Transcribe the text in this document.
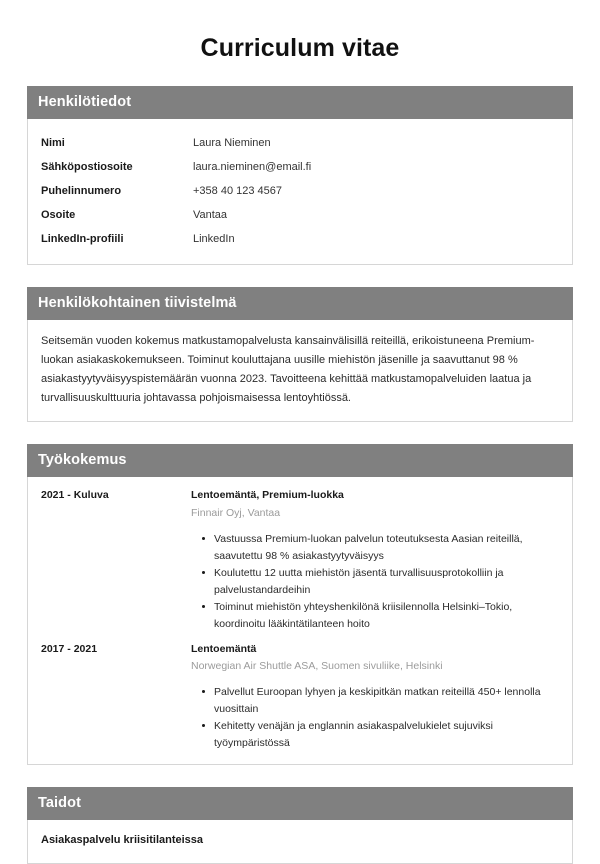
Curriculum vitae
Henkilötiedot
Nimi	Laura Nieminen
Sähköpostiosoite	laura.nieminen@email.fi
Puhelinnumero	+358 40 123 4567
Osoite	Vantaa
LinkedIn-profiili	LinkedIn
Henkilökohtainen tiivistelmä

Seitsemän vuoden kokemus matkustamopalvelusta kansainvälisillä reiteillä, erikoistuneena Premium-luokan asiakaskokemukseen. Toiminut kouluttajana uusille miehistön jäsenille ja saavuttanut 98 % asiakastyytyväisyyspistemäärän vuonna 2023. Tavoitteena kehittää matkustamopalveluiden laatua ja turvallisuuskulttuuria johtavassa pohjoismaisessa lentoyhtiössä.

Työkokemus
2021 - Kuluva	Lentoemäntä, Premium-luokka
Finnair Oyj, Vantaa
Vastuussa Premium-luokan palvelun toteutuksesta Aasian reiteillä, saavutettu 98 % asiakastyytyväisyys
Koulutettu 12 uutta miehistön jäsentä turvallisuusprotokolliin ja palvelustandardeihin
Toiminut miehistön yhteyshenkilönä kriisilennolla Helsinki–Tokio, koordinoitu lääkintätilanteen hoito
2017 - 2021	Lentoemäntä
Norwegian Air Shuttle ASA, Suomen sivuliike, Helsinki
Palvellut Euroopan lyhyen ja keskipitkän matkan reiteillä 450+ lennolla vuosittain
Kehitetty venäjän ja englannin asiakaspalvelukielet sujuviksi työympäristössä
Taidot
Asiakaspalvelu kriisitilanteissa
